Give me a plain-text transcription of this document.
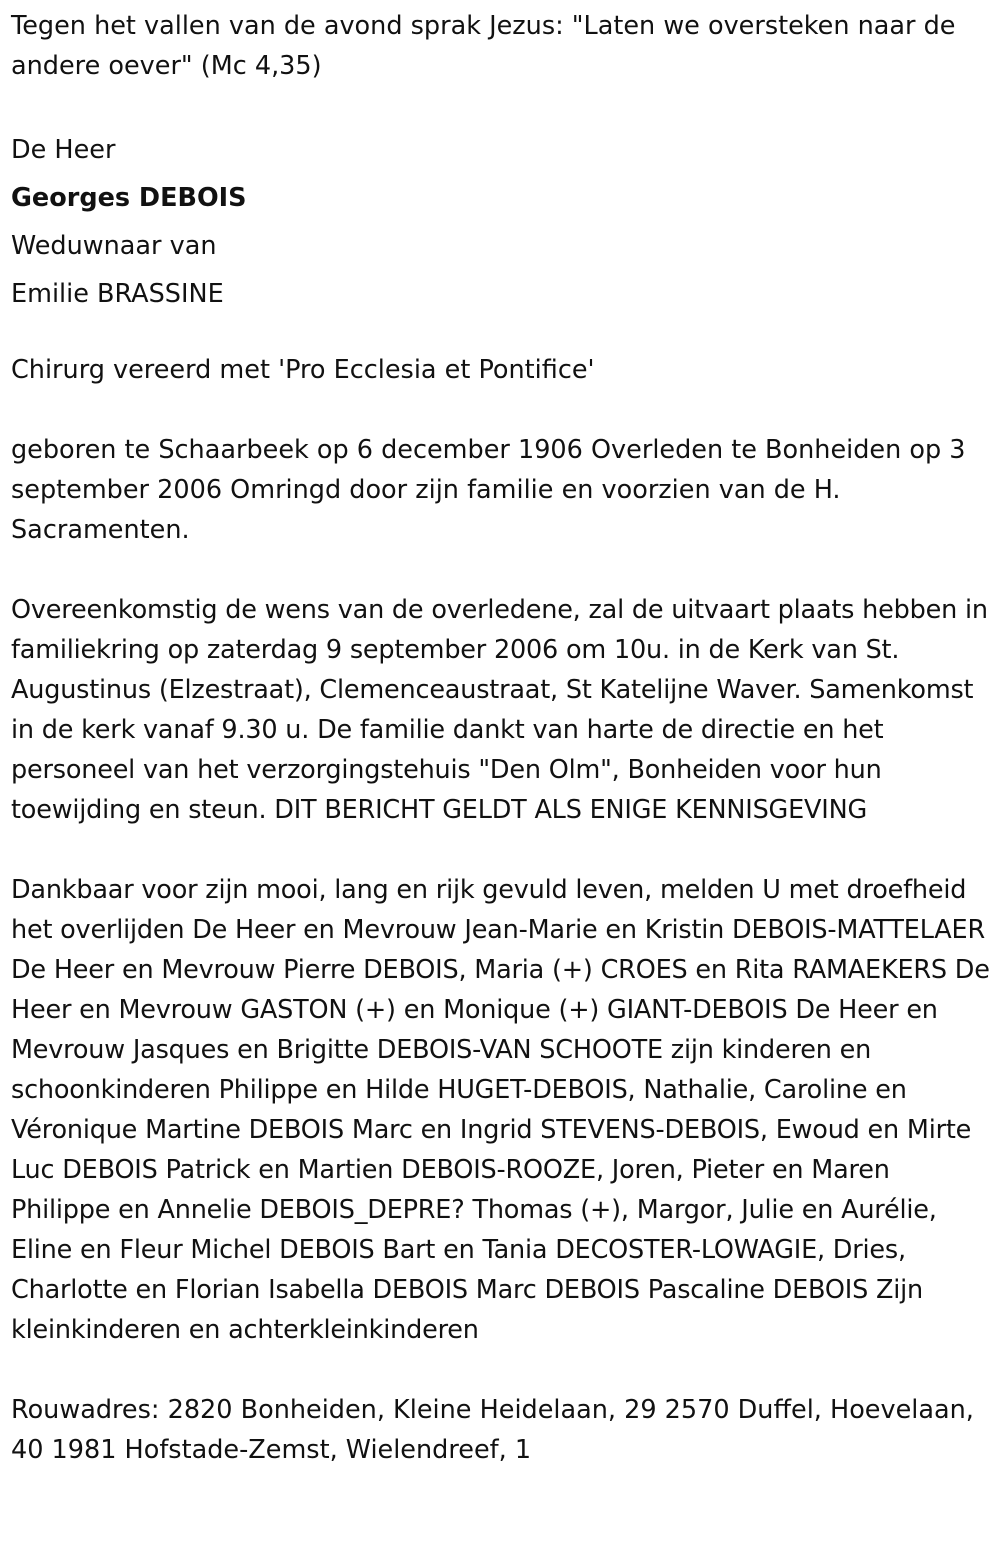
Tegen het vallen van de avond sprak Jezus: "Laten we oversteken naar de andere oever" (Mc 4,35)

De Heer

Georges DEBOIS

Weduwnaar van

Emilie BRASSINE

Chirurg vereerd met 'Pro Ecclesia et Pontifice'

geboren te Schaarbeek op 6 december 1906 Overleden te Bonheiden op 3 september 2006 Omringd door zijn familie en voorzien van de H. Sacramenten.

Overeenkomstig de wens van de overledene, zal de uitvaart plaats hebben in familiekring op zaterdag 9 september 2006 om 10u. in de Kerk van St. Augustinus (Elzestraat), Clemenceaustraat, St Katelijne Waver. Samenkomst in de kerk vanaf 9.30 u. De familie dankt van harte de directie en het personeel van het verzorgingstehuis "Den Olm", Bonheiden voor hun toewijding en steun. DIT BERICHT GELDT ALS ENIGE KENNISGEVING

Dankbaar voor zijn mooi, lang en rijk gevuld leven, melden U met droefheid het overlijden De Heer en Mevrouw Jean-Marie en Kristin DEBOIS-MATTELAER De Heer en Mevrouw Pierre DEBOIS, Maria (+) CROES en Rita RAMAEKERS De Heer en Mevrouw GASTON (+) en Monique (+) GIANT-DEBOIS De Heer en Mevrouw Jasques en Brigitte DEBOIS-VAN SCHOOTE zijn kinderen en schoonkinderen Philippe en Hilde HUGET-DEBOIS, Nathalie, Caroline en Véronique Martine DEBOIS Marc en Ingrid STEVENS-DEBOIS, Ewoud en Mirte Luc DEBOIS Patrick en Martien DEBOIS-ROOZE, Joren, Pieter en Maren Philippe en Annelie DEBOIS_DEPRE? Thomas (+), Margor, Julie en Aurélie, Eline en Fleur Michel DEBOIS Bart en Tania DECOSTER-LOWAGIE, Dries, Charlotte en Florian Isabella DEBOIS Marc DEBOIS Pascaline DEBOIS Zijn kleinkinderen en achterkleinkinderen

Rouwadres: 2820 Bonheiden, Kleine Heidelaan, 29 2570 Duffel, Hoevelaan, 40 1981 Hofstade-Zemst, Wielendreef, 1
